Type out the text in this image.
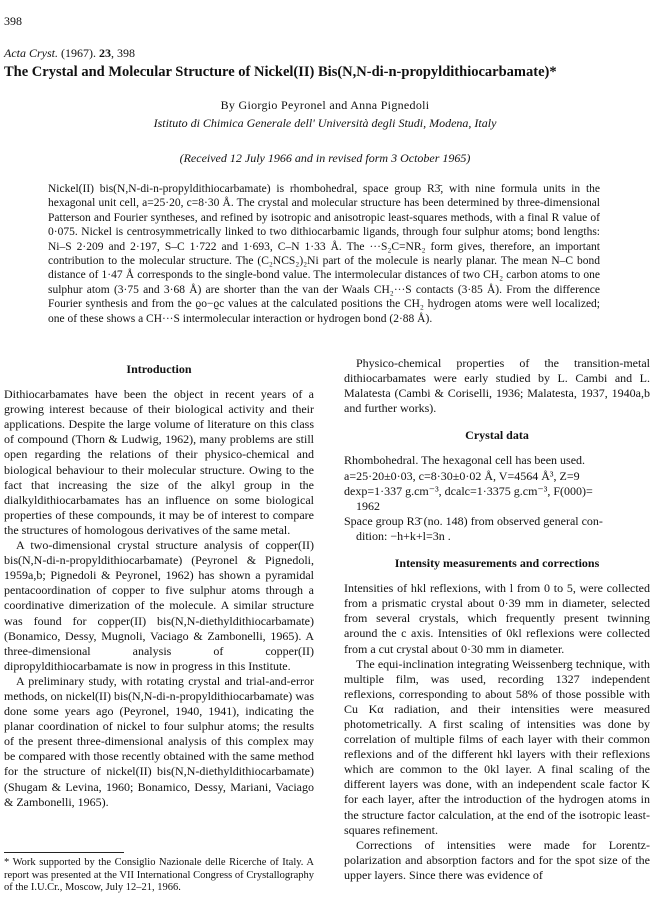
398
Acta Cryst. (1967). 23, 398
The Crystal and Molecular Structure of Nickel(II) Bis(N,N-di-n-propyldithiocarbamate)*
By Giorgio Peyronel and Anna Pignedoli
Istituto di Chimica Generale dell' Università degli Studi, Modena, Italy
(Received 12 July 1966 and in revised form 3 October 1965)
Nickel(II) bis(N,N-di-n-propyldithiocarbamate) is rhombohedral, space group R3̄, with nine formula units in the hexagonal unit cell, a=25·20, c=8·30 Å. The crystal and molecular structure has been determined by three-dimensional Patterson and Fourier syntheses, and refined by isotropic and anisotropic least-squares methods, with a final R value of 0·075. Nickel is centrosymmetrically linked to two dithiocarbamic ligands, through four sulphur atoms; bond lengths: Ni–S 2·209 and 2·197, S–C 1·722 and 1·693, C–N 1·33 Å. The ···S₂C=NR₂ form gives, therefore, an important contribution to the molecular structure. The (C₂NCS₂)₂Ni part of the molecule is nearly planar. The mean N–C bond distance of 1·47 Å corresponds to the single-bond value. The intermolecular distances of two CH₂ carbon atoms to one sulphur atom (3·75 and 3·68 Å) are shorter than the van der Waals CH₂···S contacts (3·85 Å). From the difference Fourier synthesis and from the ϱo−ϱc values at the calculated positions the CH₂ hydrogen atoms were well localized; one of these shows a CH···S intermolecular interaction or hydrogen bond (2·88 Å).
Introduction

Dithiocarbamates have been the object in recent years of a growing interest because of their biological activity and their applications. Despite the large volume of literature on this class of compound (Thorn & Ludwig, 1962), many problems are still open regarding the relations of their physico-chemical and biological behaviour to their molecular structure. Owing to the fact that increasing the size of the alkyl group in the dialkyldithiocarbamates has an influence on some biological properties of these compounds, it may be of interest to compare the structures of homologous derivatives of the same metal.

A two-dimensional crystal structure analysis of copper(II) bis(N,N-di-n-propyldithiocarbamate) (Peyronel & Pignedoli, 1959a,b; Pignedoli & Peyronel, 1962) has shown a pyramidal pentacoordination of copper to five sulphur atoms through a coordinative dimerization of the molecule. A similar structure was found for copper(II) bis(N,N-diethyldithiocarbamate) (Bonamico, Dessy, Mugnoli, Vaciago & Zambonelli, 1965). A three-dimensional analysis of copper(II) dipropyldithiocarbamate is now in progress in this Institute.

A preliminary study, with rotating crystal and trial-and-error methods, on nickel(II) bis(N,N-di-n-propyldithiocarbamate) was done some years ago (Peyronel, 1940, 1941), indicating the planar coordination of nickel to four sulphur atoms; the results of the present three-dimensional analysis of this complex may be compared with those recently obtained with the same method for the structure of nickel(II) bis(N,N-diethyldithiocarbamate) (Shugam & Levina, 1960; Bonamico, Dessy, Mariani, Vaciago & Zambonelli, 1965).

* Work supported by the Consiglio Nazionale delle Ricerche of Italy. A report was presented at the VII International Congress of Crystallography of the I.U.Cr., Moscow, July 12–21, 1966.

Physico-chemical properties of the transition-metal dithiocarbamates were early studied by L. Cambi and L. Malatesta (Cambi & Coriselli, 1936; Malatesta, 1937, 1940a,b and further works).

Crystal data
Rhombohedral. The hexagonal cell has been used.
a=25·20±0·03, c=8·30±0·02 Å, V=4564 Å³, Z=9
dexp=1·337 g.cm⁻³, dcalc=1·3375 g.cm⁻³, F(000)=
1962
Space group R3̄ (no. 148) from observed general con-
dition: −h+k+l=3n .
Intensity measurements and corrections

Intensities of hkl reflexions, with l from 0 to 5, were collected from a prismatic crystal about 0·39 mm in diameter, selected from several crystals, which frequently present twinning around the c axis. Intensities of 0kl reflexions were collected from a cut crystal about 0·30 mm in diameter.

The equi-inclination integrating Weissenberg technique, with multiple film, was used, recording 1327 independent reflexions, corresponding to about 58% of those possible with Cu Kα radiation, and their intensities were measured photometrically. A first scaling of intensities was done by correlation of multiple films of each layer with their common reflexions and of the different hkl layers with their reflexions which are common to the 0kl layer. A final scaling of the different layers was done, with an independent scale factor K for each layer, after the introduction of the hydrogen atoms in the structure factor calculation, at the end of the isotropic least-squares refinement.

Corrections of intensities were made for Lorentz-polarization and absorption factors and for the spot size of the upper layers. Since there was evidence of
